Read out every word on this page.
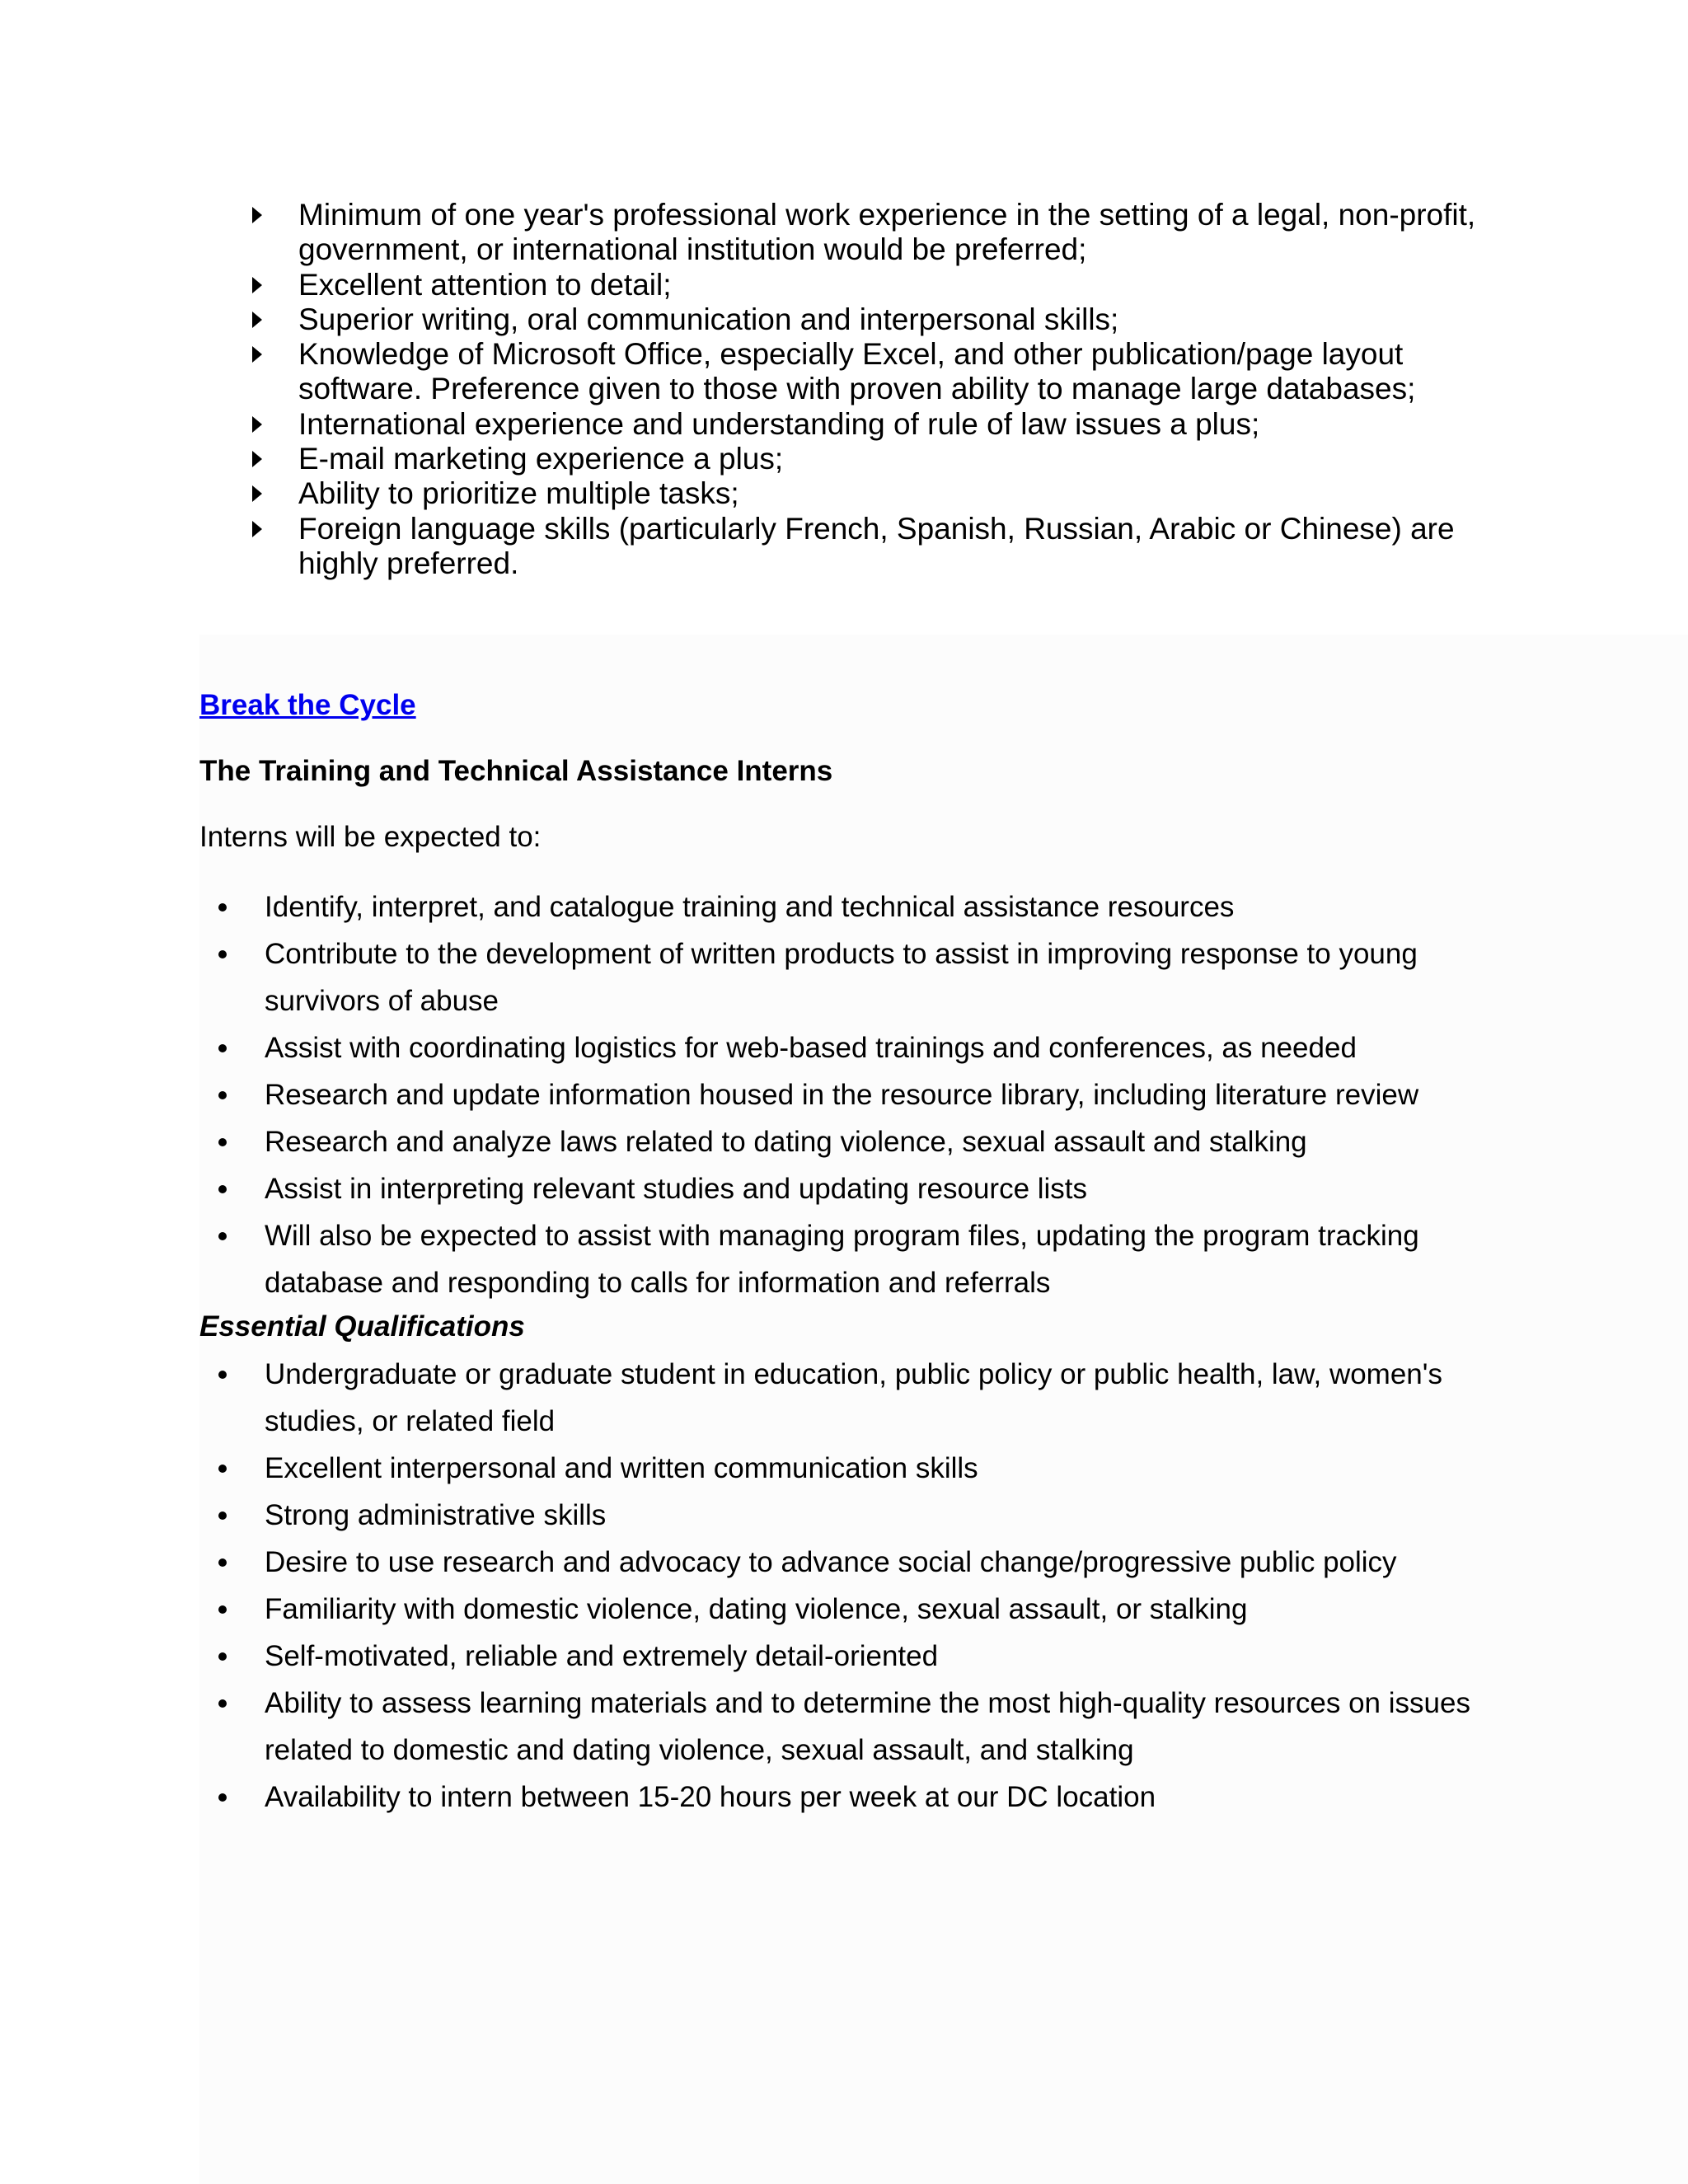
Minimum of one year's professional work experience in the setting of a legal, non-profit, government, or international institution would be preferred;
Excellent attention to detail;
Superior writing, oral communication and interpersonal skills;
Knowledge of Microsoft Office, especially Excel, and other publication/page layout software. Preference given to those with proven ability to manage large databases;
International experience and understanding of rule of law issues a plus;
E-mail marketing experience a plus;
Ability to prioritize multiple tasks;
Foreign language skills (particularly French, Spanish, Russian, Arabic or Chinese) are highly preferred.
Break the Cycle
The Training and Technical Assistance Interns
Interns will be expected to:
Identify, interpret, and catalogue training and technical assistance resources
Contribute to the development of written products to assist in improving response to young survivors of abuse
Assist with coordinating logistics for web-based trainings and conferences, as needed
Research and update information housed in the resource library, including literature review
Research and analyze laws related to dating violence, sexual assault and stalking
Assist in interpreting relevant studies and updating resource lists
Will also be expected to assist with managing program files, updating the program tracking database and responding to calls for information and referrals
Essential Qualifications
Undergraduate or graduate student in education, public policy or public health, law, women's studies, or related field
Excellent interpersonal and written communication skills
Strong administrative skills
Desire to use research and advocacy to advance social change/progressive public policy
Familiarity with domestic violence, dating violence, sexual assault, or stalking
Self-motivated, reliable and extremely detail-oriented
Ability to assess learning materials and to determine the most high-quality resources on issues related to domestic and dating violence, sexual assault, and stalking
Availability to intern between 15-20 hours per week at our DC location
